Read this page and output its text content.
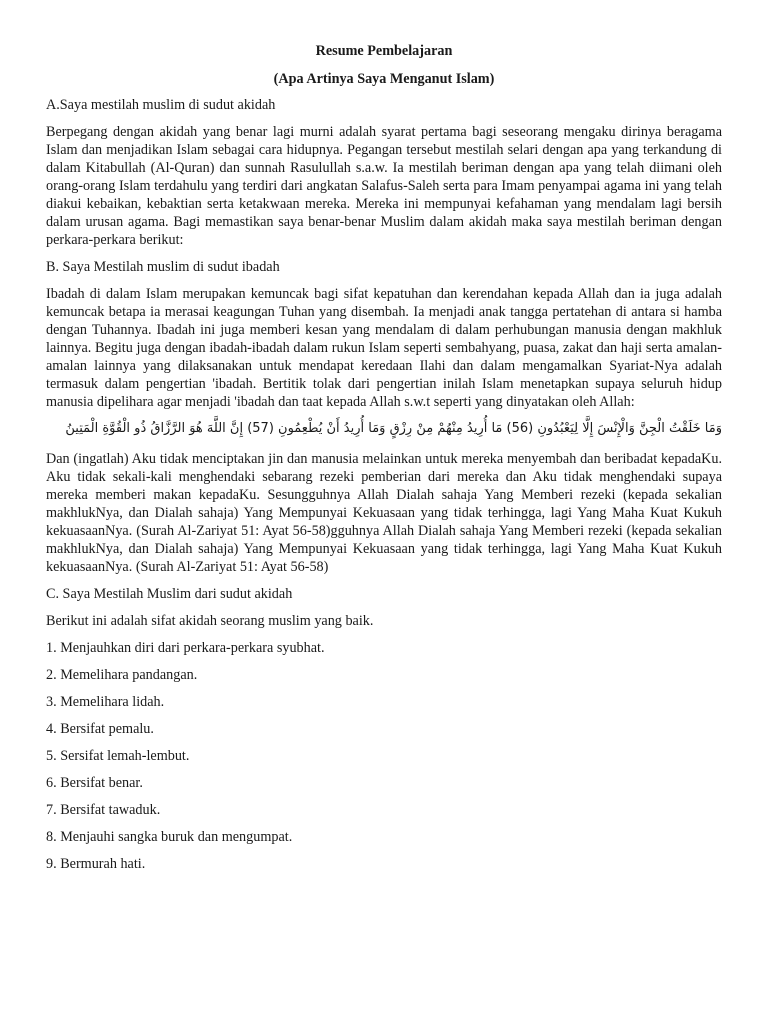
Resume Pembelajaran

(Apa Artinya Saya Menganut Islam)

A.Saya mestilah muslim di sudut akidah

Berpegang dengan akidah yang benar lagi murni adalah syarat pertama bagi seseorang mengaku dirinya beragama Islam dan menjadikan Islam sebagai cara hidupnya. Pegangan tersebut mestilah selari dengan apa yang terkandung di dalam Kitabullah (Al-Quran) dan sunnah Rasulullah s.a.w. Ia mestilah beriman dengan apa yang telah diimani oleh orang-orang Islam terdahulu yang terdiri dari angkatan Salafus-Saleh serta para Imam penyampai agama ini yang telah diakui kebaikan, kebaktian serta ketakwaan mereka. Mereka ini mempunyai kefahaman yang mendalam lagi bersih dalam urusan agama. Bagi memastikan saya benar-benar Muslim dalam akidah maka saya mestilah beriman dengan perkara-perkara berikut:

B. Saya Mestilah muslim di sudut ibadah

Ibadah di dalam Islam merupakan kemuncak bagi sifat kepatuhan dan kerendahan kepada Allah dan ia juga adalah kemuncak betapa ia merasai keagungan Tuhan yang disembah. Ia menjadi anak tangga pertatehan di antara si hamba dengan Tuhannya. Ibadah ini juga memberi kesan yang mendalam di dalam perhubungan manusia dengan makhluk lainnya. Begitu juga dengan ibadah-ibadah dalam rukun Islam seperti sembahyang, puasa, zakat dan haji serta amalan-amalan lainnya yang dilaksanakan untuk mendapat keredaan Ilahi dan dalam mengamalkan Syariat-Nya adalah termasuk dalam pengertian 'ibadah. Bertitik tolak dari pengertian inilah Islam menetapkan supaya seluruh hidup manusia dipelihara agar menjadi 'ibadah dan taat kepada Allah s.w.t seperti yang dinyatakan oleh Allah:

وَمَا خَلَقْتُ الْجِنَّ وَالْإِنْسَ إِلَّا لِيَعْبُدُونِ (56) مَا أُرِيدُ مِنْهُمْ مِنْ رِزْقٍ وَمَا أُرِيدُ أَنْ يُطْعِمُونِ (57) إِنَّ اللَّهَ هُوَ الرَّزَّاقُ ذُو الْقُوَّةِ الْمَتِينُ

Dan (ingatlah) Aku tidak menciptakan jin dan manusia melainkan untuk mereka menyembah dan beribadat kepadaKu. Aku tidak sekali-kali menghendaki sebarang rezeki pemberian dari mereka dan Aku tidak menghendaki supaya mereka memberi makan kepadaKu. Sesungguhnya Allah Dialah sahaja Yang Memberi rezeki (kepada sekalian makhlukNya, dan Dialah sahaja) Yang Mempunyai Kekuasaan yang tidak terhingga, lagi Yang Maha Kuat Kukuh kekuasaanNya. (Surah Al-Zariyat 51: Ayat 56-58)gguhnya Allah Dialah sahaja Yang Memberi rezeki (kepada sekalian makhlukNya, dan Dialah sahaja) Yang Mempunyai Kekuasaan yang tidak terhingga, lagi Yang Maha Kuat Kukuh kekuasaanNya. (Surah Al-Zariyat 51: Ayat 56-58)

C. Saya Mestilah Muslim dari sudut akidah

Berikut ini adalah sifat akidah seorang muslim yang baik.

1. Menjauhkan diri dari perkara-perkara syubhat.
2. Memelihara pandangan.
3. Memelihara lidah.
4. Bersifat pemalu.
5. Sersifat lemah-lembut.
6. Bersifat benar.
7. Bersifat tawaduk.
8. Menjauhi sangka buruk dan mengumpat.
9. Bermurah hati.
